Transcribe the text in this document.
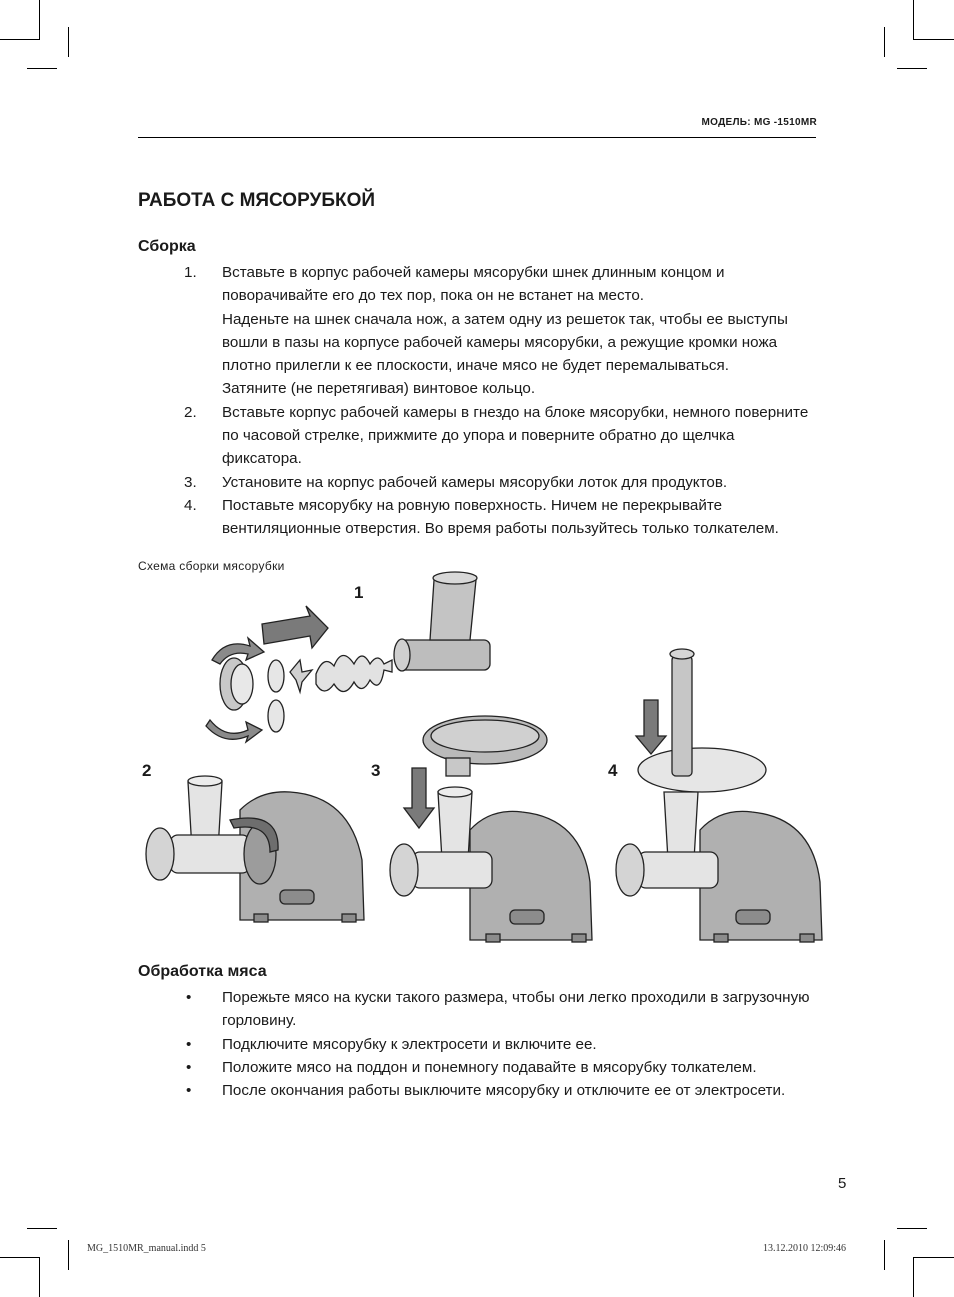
МОДЕЛЬ: MG -1510MR
РАБОТА С МЯСОРУБКОЙ
Сборка
1. Вставьте в корпус рабочей камеры мясорубки шнек длинным концом и поворачивайте его до тех пор, пока он не встанет на место.
Наденьте на шнек сначала нож, а затем одну из решеток так, чтобы ее выступы вошли в пазы на корпусе рабочей камеры мясорубки, а режущие кромки ножа плотно прилегли к ее плоскости, иначе мясо не будет перемалываться.
Затяните (не перетягивая) винтовое кольцо.
2. Вставьте корпус рабочей камеры в гнездо на блоке мясорубки, немного поверните по часовой стрелке, прижмите до упора и поверните обратно до щелчка фиксатора.
3. Установите на корпус рабочей камеры мясорубки лоток для продуктов.
4. Поставьте мясорубку на ровную поверхность. Ничем не перекрывайте вентиляционные отверстия. Во время работы пользуйтесь только толкателем.
Схема сборки мясорубки
1
2	3	4
Обработка мяса
• Порежьте мясо на куски такого размера, чтобы они легко проходили в загрузочную горловину.
• Подключите мясорубку к электросети и включите ее.
• Положите мясо на поддон и понемногу подавайте в мясорубку толкателем.
• После окончания работы выключите мясорубку и отключите ее от электросети.
5
MG_1510MR_manual.indd 5	13.12.2010 12:09:46
